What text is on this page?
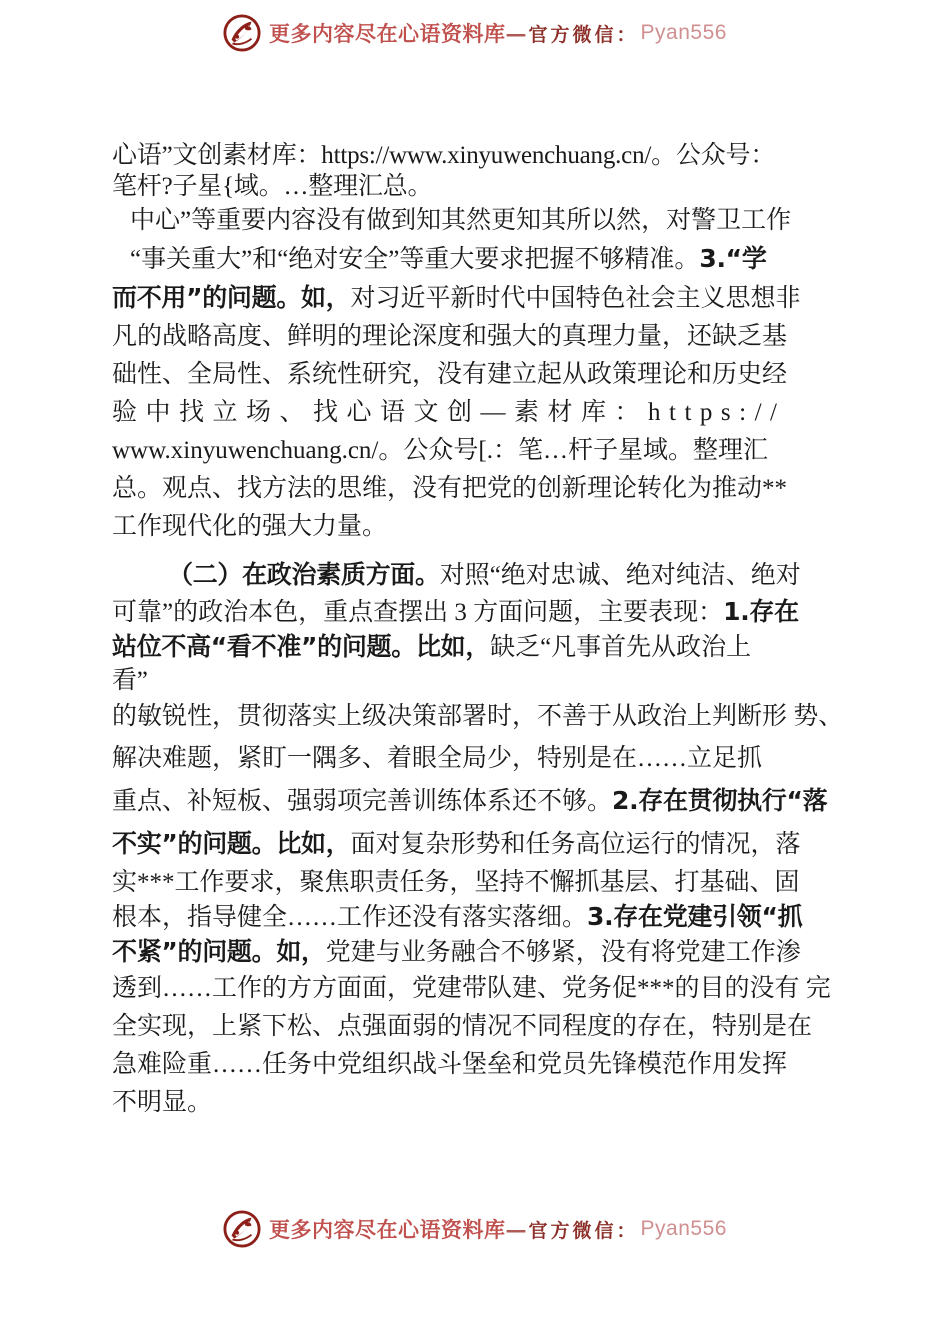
更多内容尽在心语资料库 — 官方微信： Pyan556
心语”文创素材库：https://www.xinyuwenchuang.cn/。公众号：
笔杆?子星{域。…整理汇总。
中心”等重要内容没有做到知其然更知其所以然，对警卫工作
“事关重大”和“绝对安全”等重大要求把握不够精准。3.“学
而不用”的问题。如，对习近平新时代中国特色社会主义思想非
凡的战略高度、鲜明的理论深度和强大的真理力量，还缺乏基
础性、全局性、系统性研究，没有建立起从政策理论和历史经
验中找立场、找心语文创—素材库：https://
www.xinyuwenchuang.cn/。公众号[.：笔…杆子星域。整理汇
总。观点、找方法的思维，没有把党的创新理论转化为推动**
工作现代化的强大力量。
（二）在政治素质方面。对照“绝对忠诚、绝对纯洁、绝对
可靠”的政治本色，重点查摆出 3 方面问题，主要表现：1.存在
站位不高“看不准”的问题。比如，缺乏“凡事首先从政治上
看”
的敏锐性，贯彻落实上级决策部署时，不善于从政治上判断形 势、
解决难题，紧盯一隅多、着眼全局少，特别是在……立足抓
重点、补短板、强弱项完善训练体系还不够。2.存在贯彻执行“落
不实”的问题。比如，面对复杂形势和任务高位运行的情况，落
实***工作要求，聚焦职责任务，坚持不懈抓基层、打基础、固
根本，指导健全……工作还没有落实落细。3.存在党建引领“抓
不紧”的问题。如，党建与业务融合不够紧，没有将党建工作渗
透到……工作的方方面面，党建带队建、党务促***的目的没有 完
全实现，上紧下松、点强面弱的情况不同程度的存在，特别是在
急难险重……任务中党组织战斗堡垒和党员先锋模范作用发挥
不明显。
更多内容尽在心语资料库 — 官方微信： Pyan556
